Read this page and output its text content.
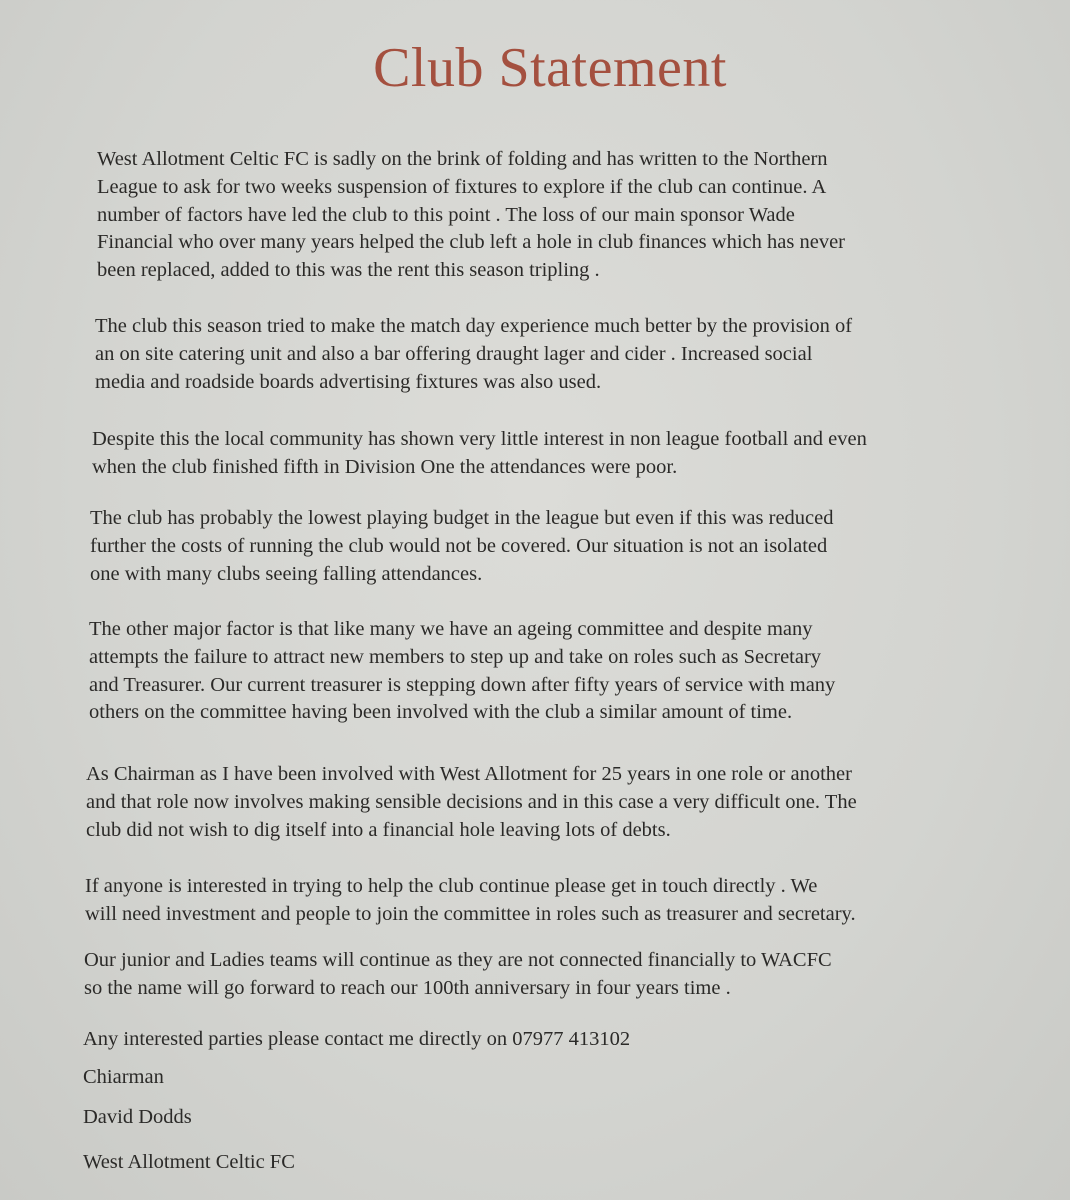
Club Statement
West Allotment Celtic FC is sadly on the brink of folding and has written to the Northern
League to ask for two weeks suspension of fixtures to explore if the club can continue. A
number of factors have led the club to this point . The loss of our main sponsor Wade
Financial who over many years helped the club left a hole in club finances which has never
been replaced, added to this was the rent this season tripling .
The club this season tried to make the match day experience much better by the provision of
an on site catering unit and also a bar offering draught lager and cider . Increased social
media and roadside boards advertising fixtures was also used.
Despite this the local community has shown very little interest in non league football and even
when the club finished fifth in Division One the attendances were poor.
The club has probably the lowest playing budget in the league but even if this was reduced
further the costs of running the club would not be covered. Our situation is not an isolated
one with many clubs seeing falling attendances.
The other major factor is that like many we have an ageing committee and despite many
attempts the failure to attract new members to step up and take on roles such as Secretary
and Treasurer. Our current treasurer is stepping down after fifty years of service with many
others on the committee having been involved with the club a similar amount of time.
As Chairman as I have been involved with West Allotment for 25 years in one role or another
and that role now involves making sensible decisions and in this case a very difficult one. The
club did not wish to dig itself into a financial hole leaving lots of debts.
If anyone is interested in trying to help the club continue please get in touch directly . We
will need investment and people to join the committee in roles such as treasurer and secretary.
Our junior and Ladies teams will continue as they are not connected financially to WACFC
so the name will go forward to reach our 100th anniversary in four years time .
Any interested parties please contact me directly on 07977 413102
Chiarman
David Dodds
West Allotment Celtic FC
